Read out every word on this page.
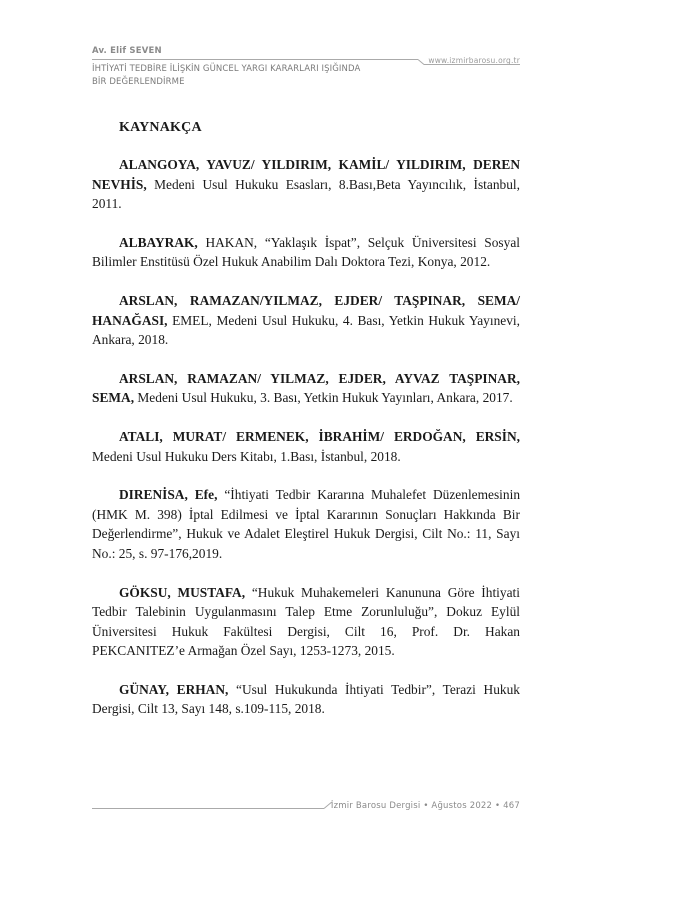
Av. Elif SEVEN
www.izmirbarosu.org.tr
İHTİYATİ TEDBİRE İLİŞKİN GÜNCEL YARGI KARARLARI IŞIĞINDA
BİR DEĞERLENDİRME
KAYNAKÇA

ALANGOYA, YAVUZ/ YILDIRIM, KAMİL/ YILDIRIM, DEREN NEVHİS, Medeni Usul Hukuku Esasları, 8.Bası,Beta Yayıncılık, İstanbul, 2011.

ALBAYRAK, HAKAN, “Yaklaşık İspat”, Selçuk Üniversitesi Sosyal Bilimler Enstitüsü Özel Hukuk Anabilim Dalı Doktora Tezi, Konya, 2012.

ARSLAN, RAMAZAN/YILMAZ, EJDER/ TAŞPINAR, SEMA/ HANAĞASI, EMEL, Medeni Usul Hukuku, 4. Bası, Yetkin Hukuk Yayınevi, Ankara, 2018.

ARSLAN, RAMAZAN/ YILMAZ, EJDER, AYVAZ TAŞPINAR, SEMA, Medeni Usul Hukuku, 3. Bası, Yetkin Hukuk Yayınları, Ankara, 2017.

ATALI, MURAT/ ERMENEK, İBRAHİM/ ERDOĞAN, ERSİN, Medeni Usul Hukuku Ders Kitabı, 1.Bası, İstanbul, 2018.

DIRENİSA, Efe, “İhtiyati Tedbir Kararına Muhalefet Düzenlemesinin (HMK M. 398) İptal Edilmesi ve İptal Kararının Sonuçları Hakkında Bir Değerlendirme”, Hukuk ve Adalet Eleştirel Hukuk Dergisi, Cilt No.: 11, Sayı No.: 25, s. 97-176,2019.

GÖKSU, MUSTAFA, “Hukuk Muhakemeleri Kanununa Göre İhtiyati Tedbir Talebinin Uygulanmasını Talep Etme Zorunluluğu”, Dokuz Eylül Üniversitesi Hukuk Fakültesi Dergisi, Cilt 16, Prof. Dr. Hakan PEKCANITEZ’e Armağan Özel Sayı, 1253-1273, 2015.

GÜNAY, ERHAN, “Usul Hukukunda İhtiyati Tedbir”, Terazi Hukuk Dergisi, Cilt 13, Sayı 148, s.109-115, 2018.

İzmir Barosu Dergisi • Ağustos 2022 • 467
